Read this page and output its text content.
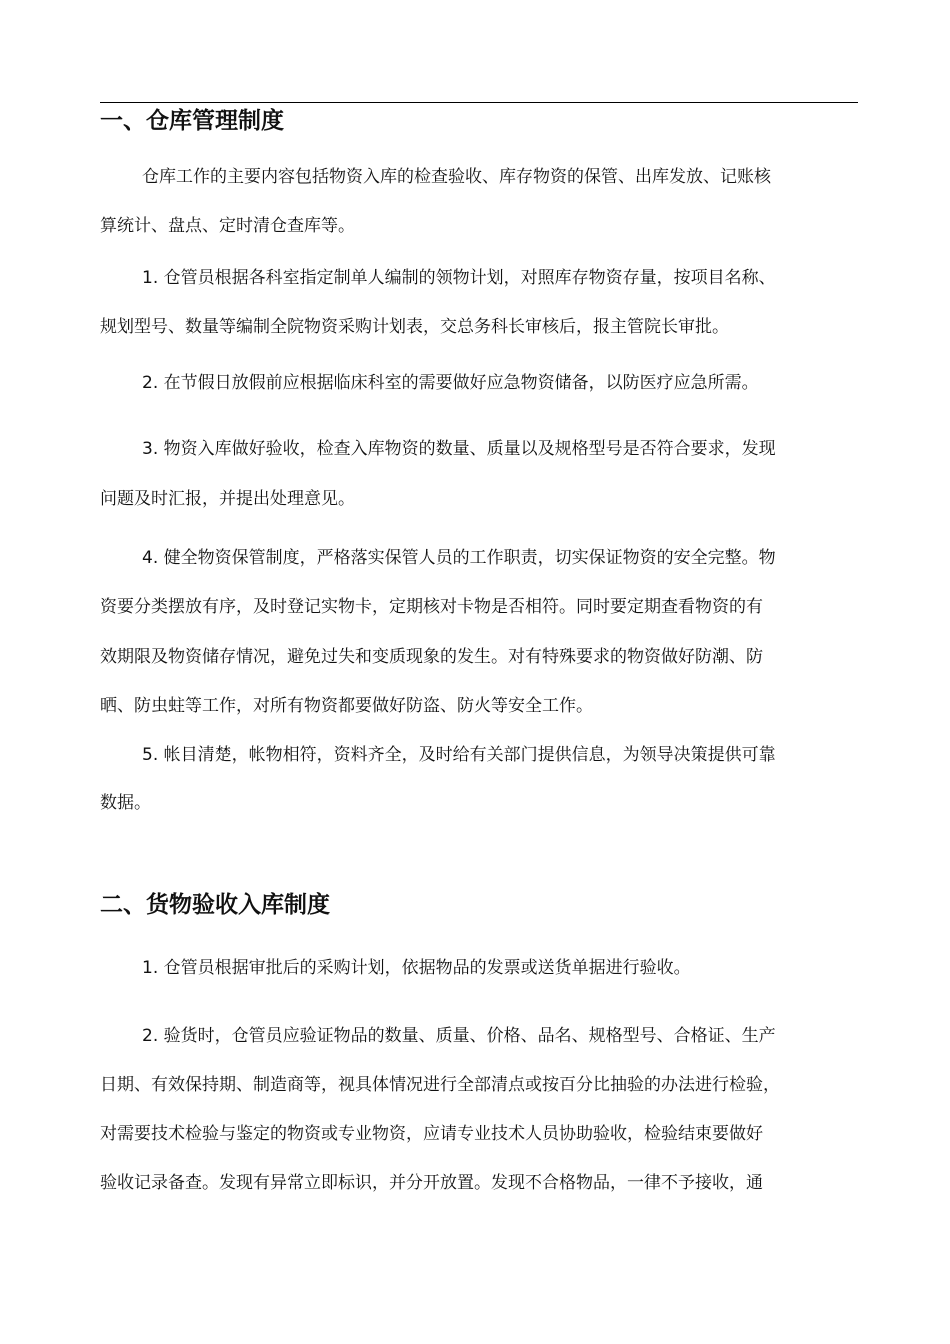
一、仓库管理制度

仓库工作的主要内容包括物资入库的检查验收、库存物资的保管、出库发放、记账核

算统计、盘点、定时清仓查库等。

1. 仓管员根据各科室指定制单人编制的领物计划，对照库存物资存量，按项目名称、

规划型号、数量等编制全院物资采购计划表，交总务科长审核后，报主管院长审批。

2. 在节假日放假前应根据临床科室的需要做好应急物资储备，以防医疗应急所需。

3. 物资入库做好验收，检查入库物资的数量、质量以及规格型号是否符合要求，发现

问题及时汇报，并提出处理意见。

4. 健全物资保管制度，严格落实保管人员的工作职责，切实保证物资的安全完整。物

资要分类摆放有序，及时登记实物卡，定期核对卡物是否相符。同时要定期查看物资的有

效期限及物资储存情况，避免过失和变质现象的发生。对有特殊要求的物资做好防潮、防

晒、防虫蛀等工作，对所有物资都要做好防盗、防火等安全工作。

5. 帐目清楚，帐物相符，资料齐全，及时给有关部门提供信息，为领导决策提供可靠

数据。

二、货物验收入库制度

1. 仓管员根据审批后的采购计划，依据物品的发票或送货单据进行验收。

2. 验货时，仓管员应验证物品的数量、质量、价格、品名、规格型号、合格证、生产

日期、有效保持期、制造商等，视具体情况进行全部清点或按百分比抽验的办法进行检验，

对需要技术检验与鉴定的物资或专业物资，应请专业技术人员协助验收，检验结束要做好

验收记录备查。发现有异常立即标识，并分开放置。发现不合格物品，一律不予接收，通
